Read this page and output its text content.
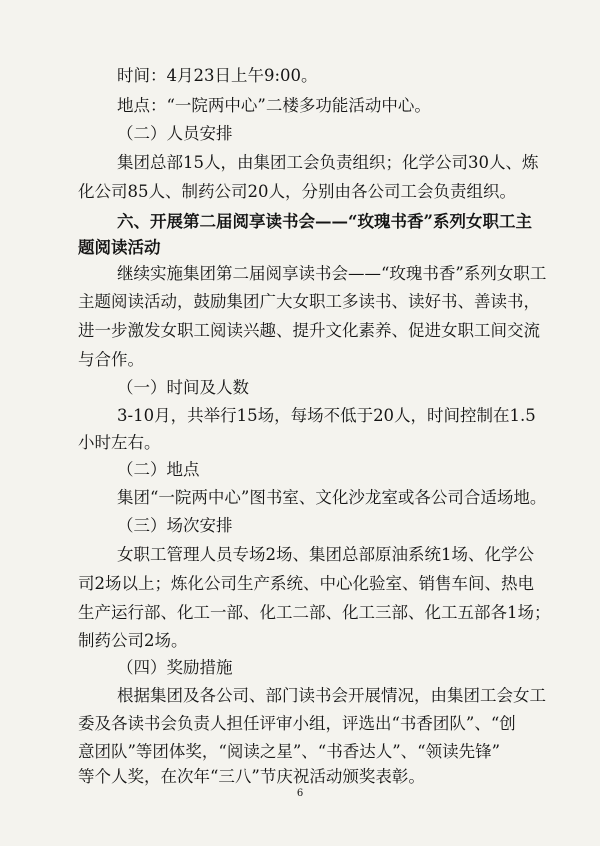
时间：4月23日上午9:00。
地点：“一院两中心”二楼多功能活动中心。
（二）人员安排
集团总部15人，由集团工会负责组织；化学公司30人、炼
化公司85人、制药公司20人，分别由各公司工会负责组织。
六、开展第二届阅享读书会——“玫瑰书香”系列女职工主
题阅读活动
继续实施集团第二届阅享读书会——“玫瑰书香”系列女职工
主题阅读活动，鼓励集团广大女职工多读书、读好书、善读书，
进一步激发女职工阅读兴趣、提升文化素养、促进女职工间交流
与合作。
（一）时间及人数
3-10月，共举行15场，每场不低于20人，时间控制在1.5
小时左右。
（二）地点
集团“一院两中心”图书室、文化沙龙室或各公司合适场地。
（三）场次安排
女职工管理人员专场2场、集团总部原油系统1场、化学公
司2场以上；炼化公司生产系统、中心化验室、销售车间、热电
生产运行部、化工一部、化工二部、化工三部、化工五部各1场；
制药公司2场。
（四）奖励措施
根据集团及各公司、部门读书会开展情况，由集团工会女工
委及各读书会负责人担任评审小组，评选出“书香团队”、“创
意团队”等团体奖，“阅读之星”、“书香达人”、“领读先锋”
等个人奖，在次年“三八”节庆祝活动颁奖表彰。
6
